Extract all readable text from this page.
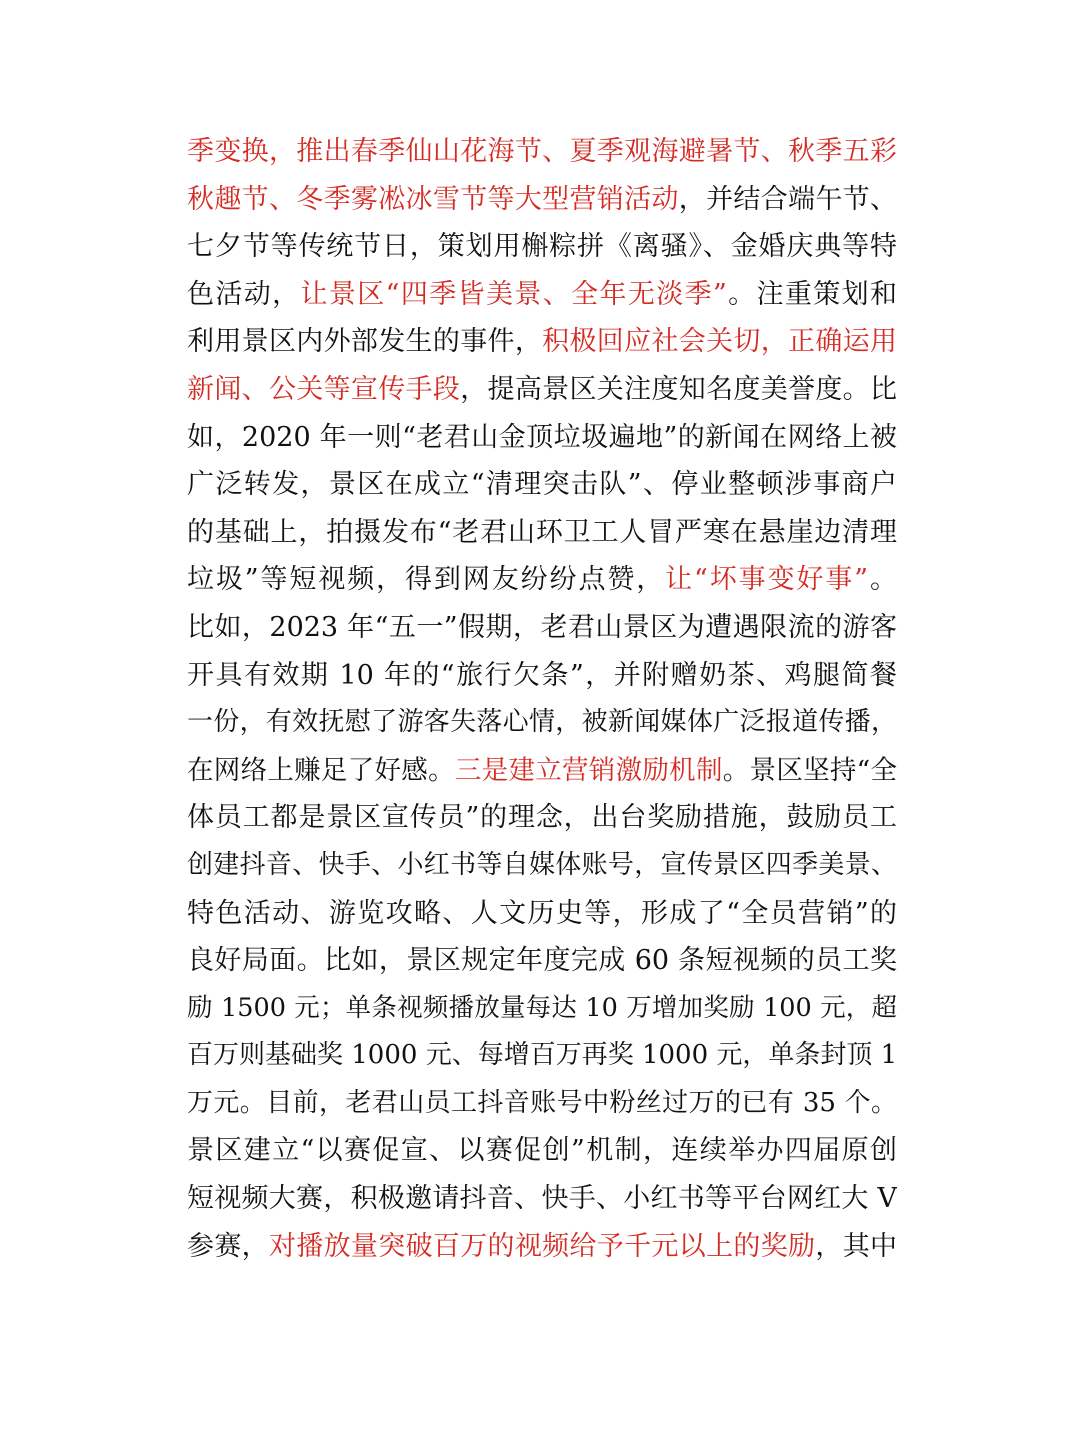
季变换，推出春季仙山花海节、夏季观海避暑节、秋季五彩
秋趣节、冬季雾凇冰雪节等大型营销活动，并结合端午节、
七夕节等传统节日，策划用槲粽拼《离骚》、金婚庆典等特
色活动，让景区“四季皆美景、全年无淡季”。注重策划和
利用景区内外部发生的事件，积极回应社会关切，正确运用
新闻、公关等宣传手段，提高景区关注度知名度美誉度。比
如，2020 年一则“老君山金顶垃圾遍地”的新闻在网络上被
广泛转发，景区在成立“清理突击队”、停业整顿涉事商户
的基础上，拍摄发布“老君山环卫工人冒严寒在悬崖边清理
垃圾”等短视频，得到网友纷纷点赞，让“坏事变好事”。
比如，2023 年“五一”假期，老君山景区为遭遇限流的游客
开具有效期 10 年的“旅行欠条”，并附赠奶茶、鸡腿简餐
一份，有效抚慰了游客失落心情，被新闻媒体广泛报道传播，
在网络上赚足了好感。三是建立营销激励机制。景区坚持“全
体员工都是景区宣传员”的理念，出台奖励措施，鼓励员工
创建抖音、快手、小红书等自媒体账号，宣传景区四季美景、
特色活动、游览攻略、人文历史等，形成了“全员营销”的
良好局面。比如，景区规定年度完成 60 条短视频的员工奖
励 1500 元；单条视频播放量每达 10 万增加奖励 100 元，超
百万则基础奖 1000 元、每增百万再奖 1000 元，单条封顶 1
万元。目前，老君山员工抖音账号中粉丝过万的已有 35 个。
景区建立“以赛促宣、以赛促创”机制，连续举办四届原创
短视频大赛，积极邀请抖音、快手、小红书等平台网红大 V
参赛，对播放量突破百万的视频给予千元以上的奖励，其中
